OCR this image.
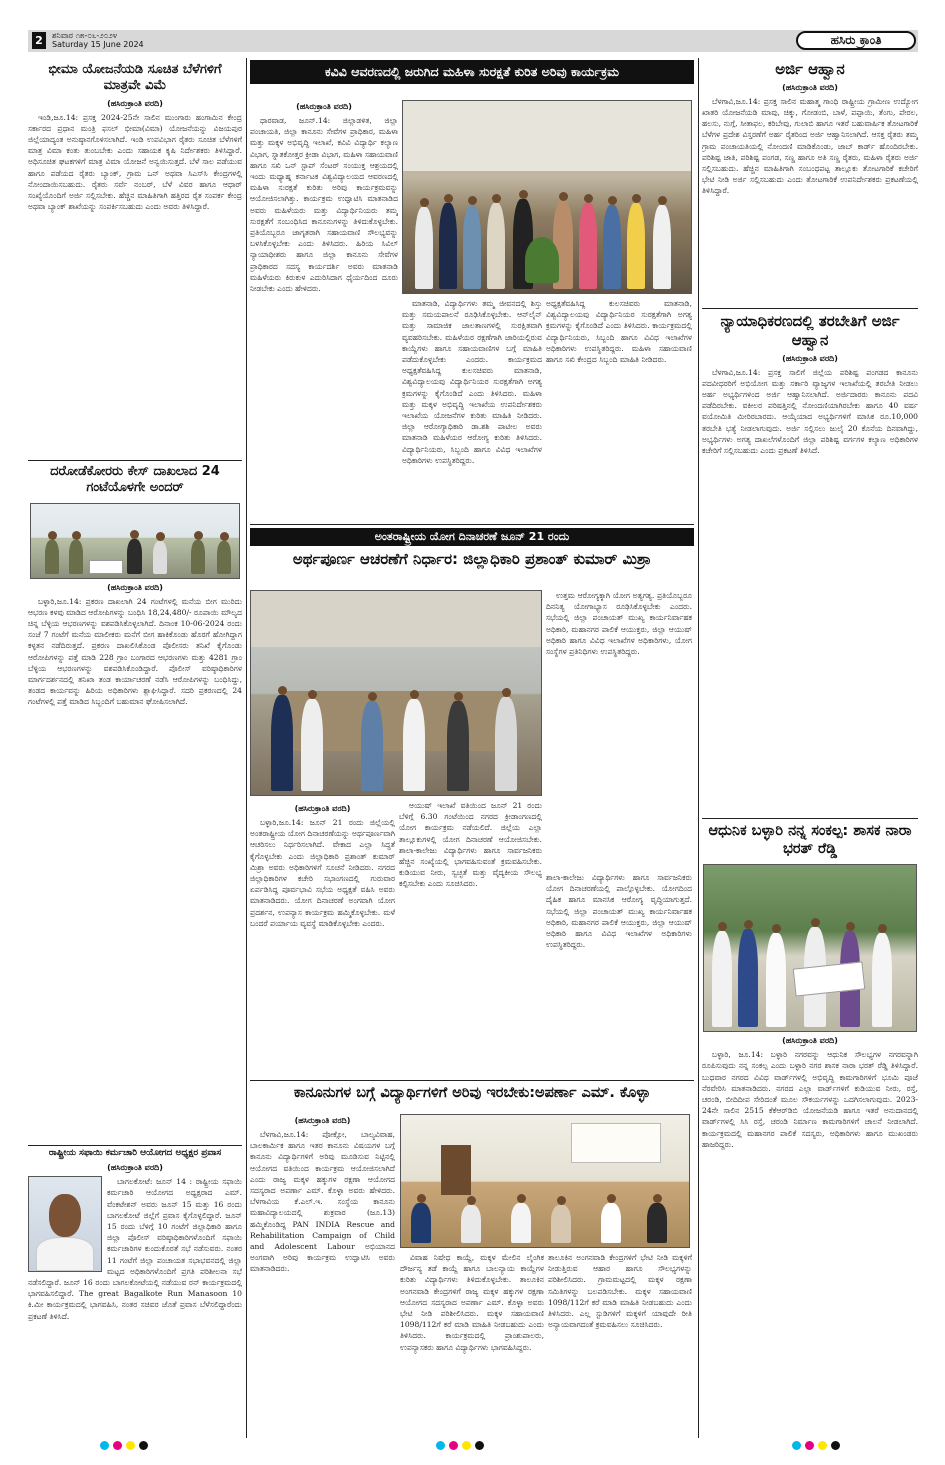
2	ಶನಿವಾರ ೧೫-೦೬-೨೦೨೪
Saturday 15 June 2024	ಹಸಿರು ಕ್ರಾಂತಿ
ಭೀಮಾ ಯೋಜನೆಯಡಿ ಸೂಚಿತ ಬೆಳೆಗಳಿಗೆ ಮಾತ್ರವೇ ವಿಮೆ
(ಹಸಿರುಕ್ರಾಂತಿ ವರದಿ)

ಇಂಡಿ,ಜೂ.14: ಪ್ರಸಕ್ತ 2024-25ನೇ ಸಾಲಿನ ಮುಂಗಾರು ಹಂಗಾಮಿನ ಕೇಂದ್ರ ಸರ್ಕಾರದ ಪ್ರಧಾನ ಮಂತ್ರಿ ಫಸಲ್ ಭೀಮಾ(ವಿಮಾ) ಯೋಜನೆಯನ್ನು ವಿಜಯಪುರ ಜಿಲ್ಲೆಯಾದ್ಯಂತ ಅನುಷ್ಠಾನಗೊಳಿಸಲಾಗಿದೆ. ಇಂಡಿ ಉಪವಿಭಾಗ ರೈತರು ಸೂಚಿತ ಬೆಳೆಗಳಿಗೆ ಮಾತ್ರ ವಿಮಾ ಕಂತು ತುಂಬಬೇಕು ಎಂದು ಸಹಾಯಕ ಕೃಷಿ ನಿರ್ದೇಶಕರು ತಿಳಿಸಿದ್ದಾರೆ. ಅಧಿಸೂಚಿತ ಘಟಕಗಳಿಗೆ ಮಾತ್ರ ವಿಮಾ ಯೋಜನೆ ಅನ್ವಯಿಸುತ್ತದೆ. ಬೆಳೆ ಸಾಲ ಪಡೆಯುವ ಹಾಗೂ ಪಡೆಯದ ರೈತರು ಬ್ಯಾಂಕ್, ಗ್ರಾಮ ಒನ್ ಅಥವಾ ಸಿಎಸ್‌ಸಿ ಕೇಂದ್ರಗಳಲ್ಲಿ ನೋಂದಾಯಿಸಬಹುದು. ರೈತರು ಸರ್ವೆ ನಂಬರ್, ಬೆಳೆ ವಿವರ ಹಾಗೂ ಆಧಾರ್ ಸಂಖ್ಯೆಯೊಂದಿಗೆ ಅರ್ಜಿ ಸಲ್ಲಿಸಬೇಕು. ಹೆಚ್ಚಿನ ಮಾಹಿತಿಗಾಗಿ ಹತ್ತಿರದ ರೈತ ಸಂಪರ್ಕ ಕೇಂದ್ರ ಅಥವಾ ಬ್ಯಾಂಕ್ ಶಾಖೆಯನ್ನು ಸಂಪರ್ಕಿಸಬಹುದು ಎಂದು ಅವರು ತಿಳಿಸಿದ್ದಾರೆ.

ದರೋಡೆಕೋರರು ಕೇಸ್ ದಾಖಲಾದ 24 ಗಂಟೆಯೊಳಗೇ ಅಂದರ್
(ಹಸಿರುಕ್ರಾಂತಿ ವರದಿ)

ಬಳ್ಳಾರಿ,ಜೂ.14: ಪ್ರಕರಣ ದಾಖಲಾಗಿ 24 ಗಂಟೆಗಳಲ್ಲಿ ಮನೆಯ ಬೀಗ ಮುರಿದು ಆಭರಣ ಕಳವು ಮಾಡಿದ ಆರೋಪಿಗಳನ್ನು ಬಂಧಿಸಿ 18,24,480/- ರೂಪಾಯಿ ಮೌಲ್ಯದ ಚಿನ್ನ ಬೆಳ್ಳಿಯ ಆಭರಣಗಳನ್ನು ವಶಪಡಿಸಿಕೊಳ್ಳಲಾಗಿದೆ. ದಿನಾಂಕ 10-06-2024 ರಂದು ಸಂಜೆ 7 ಗಂಟೆಗೆ ಮನೆಯ ಮಾಲೀಕರು ಮನೆಗೆ ಬೀಗ ಹಾಕಿಕೊಂಡು ಹೊರಗೆ ಹೋಗಿದ್ದಾಗ ಕಳ್ಳತನ ನಡೆದಿರುತ್ತದೆ. ಪ್ರಕರಣ ದಾಖಲಿಸಿಕೊಂಡ ಪೊಲೀಸರು ತನಿಖೆ ಕೈಗೊಂಡು ಆರೋಪಿಗಳನ್ನು ಪತ್ತೆ ಮಾಡಿ 228 ಗ್ರಾಂ ಬಂಗಾರದ ಆಭರಣಗಳು ಮತ್ತು 4281 ಗ್ರಾಂ ಬೆಳ್ಳಿಯ ಆಭರಣಗಳನ್ನು ವಶಪಡಿಸಿಕೊಂಡಿದ್ದಾರೆ. ಪೊಲೀಸ್ ವರಿಷ್ಠಾಧಿಕಾರಿಗಳ ಮಾರ್ಗದರ್ಶನದಲ್ಲಿ ತನಿಖಾ ತಂಡ ಕಾರ್ಯಾಚರಣೆ ನಡೆಸಿ ಆರೋಪಿಗಳನ್ನು ಬಂಧಿಸಿದ್ದು, ತಂಡದ ಕಾರ್ಯವನ್ನು ಹಿರಿಯ ಅಧಿಕಾರಿಗಳು ಶ್ಲಾಘಿಸಿದ್ದಾರೆ. ಸದರಿ ಪ್ರಕರಣದಲ್ಲಿ 24 ಗಂಟೆಗಳಲ್ಲಿ ಪತ್ತೆ ಮಾಡಿದ ಸಿಬ್ಬಂದಿಗೆ ಬಹುಮಾನ ಘೋಷಿಸಲಾಗಿದೆ.

ರಾಷ್ಟ್ರೀಯ ಸಫಾಯಿ ಕರ್ಮಚಾರಿ ಆಯೋಗದ ಅಧ್ಯಕ್ಷರ ಪ್ರವಾಸ
(ಹಸಿರುಕ್ರಾಂತಿ ವರದಿ)

ಬಾಗಲಕೋಟೆ: ಜೂನ್ 14 : ರಾಷ್ಟ್ರೀಯ ಸಫಾಯಿ ಕರ್ಮಚಾರಿ ಆಯೋಗದ ಅಧ್ಯಕ್ಷರಾದ ಎಮ್. ವೆಂಕಟೇಶನ್ ಅವರು ಜೂನ್ 15 ಮತ್ತು 16 ರಂದು ಬಾಗಲಕೋಟೆ ಜಿಲ್ಲೆಗೆ ಪ್ರವಾಸ ಕೈಗೊಳ್ಳಲಿದ್ದಾರೆ. ಜೂನ್ 15 ರಂದು ಬೆಳಿಗ್ಗೆ 10 ಗಂಟೆಗೆ ಜಿಲ್ಲಾಧಿಕಾರಿ ಹಾಗೂ ಜಿಲ್ಲಾ ಪೊಲೀಸ್ ವರಿಷ್ಠಾಧಿಕಾರಿಗಳೊಂದಿಗೆ ಸಫಾಯಿ ಕರ್ಮಚಾರಿಗಳ ಕುಂದುಕೊರತೆ ಸಭೆ ನಡೆಸುವರು. ನಂತರ 11 ಗಂಟೆಗೆ ಜಿಲ್ಲಾ ಪಂಚಾಯತ ಸಭಾಭವನದಲ್ಲಿ ಜಿಲ್ಲಾ ಮಟ್ಟದ ಅಧಿಕಾರಿಗಳೊಂದಿಗೆ ಪ್ರಗತಿ ಪರಿಶೀಲನಾ ಸಭೆ ನಡೆಸಲಿದ್ದಾರೆ. ಜೂನ್ 16 ರಂದು ಬಾಗಲಕೋಟೆಯಲ್ಲಿ ನಡೆಯುವ ರನ್ ಕಾರ್ಯಕ್ರಮದಲ್ಲಿ ಭಾಗವಹಿಸಲಿದ್ದಾರೆ. The great Bagalkote Run Manasoon 10 ಕಿ.ಮೀ ಕಾರ್ಯಕ್ರಮದಲ್ಲಿ ಭಾಗವಹಿಸಿ, ನಂತರ ಸಚಿವರ ಜೊತೆ ಪ್ರವಾಸ ಬೆಳೆಸಲಿದ್ದಾರೆಂದು ಪ್ರಕಟಣೆ ತಿಳಿಸಿದೆ.

ಕವಿವಿ ಆವರಣದಲ್ಲಿ ಜರುಗಿದ ಮಹಿಳಾ ಸುರಕ್ಷತೆ ಕುರಿತ ಅರಿವು ಕಾರ್ಯಕ್ರಮ
(ಹಸಿರುಕ್ರಾಂತಿ ವರದಿ)

ಧಾರವಾಡ, ಜೂನ್.14: ಜಿಲ್ಲಾಡಳಿತ, ಜಿಲ್ಲಾ ಪಂಚಾಯತಿ, ಜಿಲ್ಲಾ ಕಾನೂನು ಸೇವೆಗಳ ಪ್ರಾಧಿಕಾರ, ಮಹಿಳಾ ಮತ್ತು ಮಕ್ಕಳ ಅಭಿವೃದ್ಧಿ ಇಲಾಖೆ, ಕವಿವಿ ವಿದ್ಯಾರ್ಥಿ ಕಲ್ಯಾಣ ವಿಭಾಗ, ಸ್ನಾತಕೋತ್ತರ ಕ್ರೀಡಾ ವಿಭಾಗ, ಮಹಿಳಾ ಸಹಾಯವಾಣಿ ಹಾಗೂ ಸಖಿ ಒನ್ ಸ್ಟಾಪ್ ಸೆಂಟರ್ ಸಂಯುಕ್ತ ಆಶ್ರಯದಲ್ಲಿ ಇಂದು ಮಧ್ಯಾಹ್ನ ಕರ್ನಾಟಕ ವಿಶ್ವವಿದ್ಯಾಲಯದ ಆವರಣದಲ್ಲಿ ಮಹಿಳಾ ಸುರಕ್ಷತೆ ಕುರಿತು ಅರಿವು ಕಾರ್ಯಕ್ರಮವನ್ನು ಆಯೋಜಿಸಲಾಗಿತ್ತು. ಕಾರ್ಯಕ್ರಮ ಉದ್ಘಾಟಿಸಿ ಮಾತನಾಡಿದ ಅವರು ಮಹಿಳೆಯರು ಮತ್ತು ವಿದ್ಯಾರ್ಥಿನಿಯರು ತಮ್ಮ ಸುರಕ್ಷತೆಗೆ ಸಂಬಂಧಿಸಿದ ಕಾನೂನುಗಳನ್ನು ತಿಳಿದುಕೊಳ್ಳಬೇಕು. ಪ್ರತಿಯೊಬ್ಬರೂ ಜಾಗೃತರಾಗಿ ಸಹಾಯವಾಣಿ ಸೌಲಭ್ಯವನ್ನು ಬಳಸಿಕೊಳ್ಳಬೇಕು ಎಂದು ತಿಳಿಸಿದರು. ಹಿರಿಯ ಸಿವಿಲ್ ನ್ಯಾಯಾಧೀಶರು ಹಾಗೂ ಜಿಲ್ಲಾ ಕಾನೂನು ಸೇವೆಗಳ ಪ್ರಾಧಿಕಾರದ ಸದಸ್ಯ ಕಾರ್ಯದರ್ಶಿ ಅವರು ಮಾತನಾಡಿ ಮಹಿಳೆಯರು ಕಿರುಕುಳ ಎದುರಿಸಿದಾಗ ಧೈರ್ಯದಿಂದ ದೂರು ನೀಡಬೇಕು ಎಂದು ಹೇಳಿದರು.

ಮಾತನಾಡಿ, ವಿದ್ಯಾರ್ಥಿಗಳು ತಮ್ಮ ಜೀವನದಲ್ಲಿ ಶಿಸ್ತು ಮತ್ತು ಸಮಯಪಾಲನೆ ರೂಢಿಸಿಕೊಳ್ಳಬೇಕು. ಆನ್‌ಲೈನ್ ಮತ್ತು ಸಾಮಾಜಿಕ ಜಾಲತಾಣಗಳಲ್ಲಿ ಸುರಕ್ಷಿತವಾಗಿ ವ್ಯವಹರಿಸಬೇಕು. ಮಹಿಳೆಯರ ರಕ್ಷಣೆಗಾಗಿ ಜಾರಿಯಲ್ಲಿರುವ ಕಾಯ್ದೆಗಳು ಹಾಗೂ ಸಹಾಯವಾಣಿಗಳ ಬಗ್ಗೆ ಮಾಹಿತಿ ಪಡೆದುಕೊಳ್ಳಬೇಕು ಎಂದರು. ಕಾರ್ಯಕ್ರಮದ ಅಧ್ಯಕ್ಷತೆವಹಿಸಿದ್ದ ಕುಲಸಚಿವರು ಮಾತನಾಡಿ, ವಿಶ್ವವಿದ್ಯಾಲಯವು ವಿದ್ಯಾರ್ಥಿನಿಯರ ಸುರಕ್ಷತೆಗಾಗಿ ಅಗತ್ಯ ಕ್ರಮಗಳನ್ನು ಕೈಗೊಂಡಿದೆ ಎಂದು ತಿಳಿಸಿದರು. ಮಹಿಳಾ ಮತ್ತು ಮಕ್ಕಳ ಅಭಿವೃದ್ಧಿ ಇಲಾಖೆಯ ಉಪನಿರ್ದೇಶಕರು ಇಲಾಖೆಯ ಯೋಜನೆಗಳ ಕುರಿತು ಮಾಹಿತಿ ನೀಡಿದರು. ಜಿಲ್ಲಾ ಆರೋಗ್ಯಾಧಿಕಾರಿ ಡಾ.ಶಶಿ ಪಾಟೀಲ ಅವರು ಮಾತನಾಡಿ ಮಹಿಳೆಯರ ಆರೋಗ್ಯ ಕುರಿತು ತಿಳಿಸಿದರು. ವಿದ್ಯಾರ್ಥಿನಿಯರು, ಸಿಬ್ಬಂದಿ ಹಾಗೂ ವಿವಿಧ ಇಲಾಖೆಗಳ ಅಧಿಕಾರಿಗಳು ಉಪಸ್ಥಿತರಿದ್ದರು.

ಅಧ್ಯಕ್ಷತೆವಹಿಸಿದ್ದ ಕುಲಸಚಿವರು ಮಾತನಾಡಿ, ವಿಶ್ವವಿದ್ಯಾಲಯವು ವಿದ್ಯಾರ್ಥಿನಿಯರ ಸುರಕ್ಷತೆಗಾಗಿ ಅಗತ್ಯ ಕ್ರಮಗಳನ್ನು ಕೈಗೊಂಡಿದೆ ಎಂದು ತಿಳಿಸಿದರು. ಕಾರ್ಯಕ್ರಮದಲ್ಲಿ ವಿದ್ಯಾರ್ಥಿನಿಯರು, ಸಿಬ್ಬಂದಿ ಹಾಗೂ ವಿವಿಧ ಇಲಾಖೆಗಳ ಅಧಿಕಾರಿಗಳು ಉಪಸ್ಥಿತರಿದ್ದರು. ಮಹಿಳಾ ಸಹಾಯವಾಣಿ ಹಾಗೂ ಸಖಿ ಕೇಂದ್ರದ ಸಿಬ್ಬಂದಿ ಮಾಹಿತಿ ನೀಡಿದರು.
ಅಂತರಾಷ್ಟ್ರೀಯ ಯೋಗ ದಿನಾಚರಣೆ ಜೂನ್ 21 ರಂದು
ಅರ್ಥಪೂರ್ಣ ಆಚರಣೆಗೆ ನಿರ್ಧಾರ: ಜಿಲ್ಲಾಧಿಕಾರಿ ಪ್ರಶಾಂತ್ ಕುಮಾರ್ ಮಿಶ್ರಾ

ಉತ್ತಮ ಆರೋಗ್ಯಕ್ಕಾಗಿ ಯೋಗ ಅತ್ಯಗತ್ಯ. ಪ್ರತಿಯೊಬ್ಬರೂ ದಿನನಿತ್ಯ ಯೋಗಾಭ್ಯಾಸ ರೂಢಿಸಿಕೊಳ್ಳಬೇಕು ಎಂದರು. ಸಭೆಯಲ್ಲಿ ಜಿಲ್ಲಾ ಪಂಚಾಯತ್ ಮುಖ್ಯ ಕಾರ್ಯನಿರ್ವಾಹಕ ಅಧಿಕಾರಿ, ಮಹಾನಗರ ಪಾಲಿಕೆ ಆಯುಕ್ತರು, ಜಿಲ್ಲಾ ಆಯುಷ್ ಅಧಿಕಾರಿ ಹಾಗೂ ವಿವಿಧ ಇಲಾಖೆಗಳ ಅಧಿಕಾರಿಗಳು, ಯೋಗ ಸಂಸ್ಥೆಗಳ ಪ್ರತಿನಿಧಿಗಳು ಉಪಸ್ಥಿತರಿದ್ದರು.

(ಹಸಿರುಕ್ರಾಂತಿ ವರದಿ)

ಬಳ್ಳಾರಿ,ಜೂ.14: ಜೂನ್ 21 ರಂದು ಜಿಲ್ಲೆಯಲ್ಲಿ ಅಂತರಾಷ್ಟ್ರೀಯ ಯೋಗ ದಿನಾಚರಣೆಯನ್ನು ಅರ್ಥಪೂರ್ಣವಾಗಿ ಆಚರಿಸಲು ನಿರ್ಧರಿಸಲಾಗಿದೆ. ವೇಕಾದ ಎಲ್ಲಾ ಸಿದ್ಧತೆ ಕೈಗೊಳ್ಳಬೇಕು ಎಂದು ಜಿಲ್ಲಾಧಿಕಾರಿ ಪ್ರಶಾಂತ್ ಕುಮಾರ್ ಮಿಶ್ರಾ ಅವರು ಅಧಿಕಾರಿಗಳಿಗೆ ಸೂಚನೆ ನೀಡಿದರು. ನಗರದ ಜಿಲ್ಲಾಧಿಕಾರಿಗಳ ಕಚೇರಿ ಸಭಾಂಗಣದಲ್ಲಿ ಗುರುವಾರ ಏರ್ಪಡಿಸಿದ್ದ ಪೂರ್ವಭಾವಿ ಸಭೆಯ ಅಧ್ಯಕ್ಷತೆ ವಹಿಸಿ ಅವರು ಮಾತನಾಡಿದರು. ಯೋಗ ದಿನಾಚರಣೆ ಅಂಗವಾಗಿ ಯೋಗ ಪ್ರದರ್ಶನ, ಉಪನ್ಯಾಸ ಕಾರ್ಯಕ್ರಮ ಹಮ್ಮಿಕೊಳ್ಳಬೇಕು. ಮಳೆ ಬಂದರೆ ಪರ್ಯಾಯ ವ್ಯವಸ್ಥೆ ಮಾಡಿಕೊಳ್ಳಬೇಕು ಎಂದರು.

ಆಯುಷ್ ಇಲಾಖೆ ವತಿಯಿಂದ ಜೂನ್ 21 ರಂದು ಬೆಳಿಗ್ಗೆ 6.30 ಗಂಟೆಯಿಂದ ನಗರದ ಕ್ರೀಡಾಂಗಣದಲ್ಲಿ ಯೋಗ ಕಾರ್ಯಕ್ರಮ ನಡೆಯಲಿದೆ. ಜಿಲ್ಲೆಯ ಎಲ್ಲಾ ತಾಲ್ಲೂಕುಗಳಲ್ಲಿ ಯೋಗ ದಿನಾಚರಣೆ ಆಯೋಜಿಸಬೇಕು. ಶಾಲಾ-ಕಾಲೇಜು ವಿದ್ಯಾರ್ಥಿಗಳು ಹಾಗೂ ಸಾರ್ವಜನಿಕರು ಹೆಚ್ಚಿನ ಸಂಖ್ಯೆಯಲ್ಲಿ ಭಾಗವಹಿಸುವಂತೆ ಕ್ರಮವಹಿಸಬೇಕು. ಕುಡಿಯುವ ನೀರು, ಸ್ವಚ್ಛತೆ ಮತ್ತು ವೈದ್ಯಕೀಯ ಸೌಲಭ್ಯ ಕಲ್ಪಿಸಬೇಕು ಎಂದು ಸೂಚಿಸಿದರು.

ಶಾಲಾ-ಕಾಲೇಜು ವಿದ್ಯಾರ್ಥಿಗಳು ಹಾಗೂ ಸಾರ್ವಜನಿಕರು ಯೋಗ ದಿನಾಚರಣೆಯಲ್ಲಿ ಪಾಲ್ಗೊಳ್ಳಬೇಕು. ಯೋಗದಿಂದ ದೈಹಿಕ ಹಾಗೂ ಮಾನಸಿಕ ಆರೋಗ್ಯ ವೃದ್ಧಿಯಾಗುತ್ತದೆ. ಸಭೆಯಲ್ಲಿ ಜಿಲ್ಲಾ ಪಂಚಾಯತ್ ಮುಖ್ಯ ಕಾರ್ಯನಿರ್ವಾಹಕ ಅಧಿಕಾರಿ, ಮಹಾನಗರ ಪಾಲಿಕೆ ಆಯುಕ್ತರು, ಜಿಲ್ಲಾ ಆಯುಷ್ ಅಧಿಕಾರಿ ಹಾಗೂ ವಿವಿಧ ಇಲಾಖೆಗಳ ಅಧಿಕಾರಿಗಳು ಉಪಸ್ಥಿತರಿದ್ದರು.
ಕಾನೂನುಗಳ ಬಗ್ಗೆ ವಿದ್ಯಾರ್ಥಿಗಳಿಗೆ ಅರಿವು ಇರಬೇಕು:ಅಪರ್ಣಾ ಎಮ್. ಕೊಳ್ಳಾ
(ಹಸಿರುಕ್ರಾಂತಿ ವರದಿ)

ಬೆಳಗಾವಿ,ಜೂ.14: ಪೋಕ್ಸೋ, ಬಾಲ್ಯವಿವಾಹ, ಬಾಲಕಾರ್ಮಿಕ ಹಾಗೂ ಇತರ ಕಾನೂನು ವಿಷಯಗಳ ಬಗ್ಗೆ ಕಾನೂನು ವಿದ್ಯಾರ್ಥಿಗಳಿಗೆ ಅರಿವು ಮೂಡಿಸುವ ನಿಟ್ಟಿನಲ್ಲಿ ಆಯೋಗದ ವತಿಯಿಂದ ಕಾರ್ಯಕ್ರಮ ಆಯೋಜಿಸಲಾಗಿದೆ ಎಂದು ರಾಜ್ಯ ಮಕ್ಕಳ ಹಕ್ಕುಗಳ ರಕ್ಷಣಾ ಆಯೋಗದ ಸದಸ್ಯರಾದ ಅಪರ್ಣಾ ಎಮ್. ಕೊಳ್ಳಾ ಅವರು ಹೇಳಿದರು. ಬೆಳಗಾವಿಯ ಕೆ.ಎಲ್.ಇ. ಸಂಸ್ಥೆಯ ಕಾನೂನು ಮಹಾವಿದ್ಯಾಲಯದಲ್ಲಿ ಶುಕ್ರವಾರ (ಜೂ.13) ಹಮ್ಮಿಕೊಂಡಿದ್ದ PAN INDIA Rescue and Rehabilitation Campaign of Child and Adolescent Labour ಅಭಿಯಾನದ ಅಂಗವಾಗಿ ಅರಿವು ಕಾರ್ಯಕ್ರಮ ಉದ್ಘಾಟಿಸಿ ಅವರು ಮಾತನಾಡಿದರು.

ವಿವಾಹ ನಿಷೇಧ ಕಾಯ್ದೆ, ಮಕ್ಕಳ ಮೇಲಿನ ಲೈಂಗಿಕ ದೌರ್ಜನ್ಯ ತಡೆ ಕಾಯ್ದೆ ಹಾಗೂ ಬಾಲನ್ಯಾಯ ಕಾಯ್ದೆಗಳ ಕುರಿತು ವಿದ್ಯಾರ್ಥಿಗಳು ತಿಳಿದುಕೊಳ್ಳಬೇಕು. ತಾಲೂಕಿನ ಅಂಗನವಾಡಿ ಕೇಂದ್ರಗಳಿಗೆ ರಾಜ್ಯ ಮಕ್ಕಳ ಹಕ್ಕುಗಳ ರಕ್ಷಣಾ ಆಯೋಗದ ಸದಸ್ಯರಾದ ಅಪರ್ಣಾ ಎಮ್. ಕೊಳ್ಳಾ ಅವರು ಭೇಟಿ ನೀಡಿ ಪರಿಶೀಲಿಸಿದರು. ಮಕ್ಕಳ ಸಹಾಯವಾಣಿ 1098/112ಗೆ ಕರೆ ಮಾಡಿ ಮಾಹಿತಿ ನೀಡಬಹುದು ಎಂದು ತಿಳಿಸಿದರು. ಕಾರ್ಯಕ್ರಮದಲ್ಲಿ ಪ್ರಾಂಶುಪಾಲರು, ಉಪನ್ಯಾಸಕರು ಹಾಗೂ ವಿದ್ಯಾರ್ಥಿಗಳು ಭಾಗವಹಿಸಿದ್ದರು.

ತಾಲೂಕಿನ ಅಂಗನವಾಡಿ ಕೇಂದ್ರಗಳಿಗೆ ಭೇಟಿ ನೀಡಿ ಮಕ್ಕಳಿಗೆ ನೀಡುತ್ತಿರುವ ಆಹಾರ ಹಾಗೂ ಸೌಲಭ್ಯಗಳನ್ನು ಪರಿಶೀಲಿಸಿದರು. ಗ್ರಾಮಮಟ್ಟದಲ್ಲಿ ಮಕ್ಕಳ ರಕ್ಷಣಾ ಸಮಿತಿಗಳನ್ನು ಬಲಪಡಿಸಬೇಕು. ಮಕ್ಕಳ ಸಹಾಯವಾಣಿ 1098/112ಗೆ ಕರೆ ಮಾಡಿ ಮಾಹಿತಿ ನೀಡಬಹುದು ಎಂದು ತಿಳಿಸಿದರು. ಎಲ್ಲ ಸ್ಟುಡಿಗಳಿಗೆ ಮಕ್ಕಳಿಗೆ ಯಾವುದೇ ರೀತಿ ಅನ್ಯಾಯವಾಗದಂತೆ ಕ್ರಮವಹಿಸಲು ಸೂಚಿಸಿದರು.
ಅರ್ಜಿ ಆಹ್ವಾನ
(ಹಸಿರುಕ್ರಾಂತಿ ವರದಿ)

ಬೆಳಗಾವಿ,ಜೂ.14: ಪ್ರಸಕ್ತ ಸಾಲಿನ ಮಹಾತ್ಮ ಗಾಂಧಿ ರಾಷ್ಟ್ರೀಯ ಗ್ರಾಮೀಣ ಉದ್ಯೋಗ ಖಾತರಿ ಯೋಜನೆಯಡಿ ಮಾವು, ಚಿಕ್ಕು, ಗೋಡಂಬಿ, ಬಾಳೆ, ಪಪ್ಪಾಯಿ, ತೆಂಗು, ಪೇರಲ, ಹಲಸು, ನುಗ್ಗೆ, ಸೀತಾಫಲ, ಕರಿಬೇವು, ಗುಲಾಬಿ ಹಾಗೂ ಇತರೆ ಬಹುವಾರ್ಷಿಕ ತೋಟಗಾರಿಕೆ ಬೆಳೆಗಳ ಪ್ರದೇಶ ವಿಸ್ತರಣೆಗೆ ಅರ್ಹ ರೈತರಿಂದ ಅರ್ಜಿ ಆಹ್ವಾನಿಸಲಾಗಿದೆ. ಆಸಕ್ತ ರೈತರು ತಮ್ಮ ಗ್ರಾಮ ಪಂಚಾಯತಿಯಲ್ಲಿ ನೋಂದಣಿ ಮಾಡಿಕೊಂಡು, ಜಾಬ್ ಕಾರ್ಡ್ ಹೊಂದಿರಬೇಕು. ಪರಿಶಿಷ್ಟ ಜಾತಿ, ಪರಿಶಿಷ್ಟ ಪಂಗಡ, ಸಣ್ಣ ಹಾಗೂ ಅತಿ ಸಣ್ಣ ರೈತರು, ಮಹಿಳಾ ರೈತರು ಅರ್ಜಿ ಸಲ್ಲಿಸಬಹುದು. ಹೆಚ್ಚಿನ ಮಾಹಿತಿಗಾಗಿ ಸಂಬಂಧಪಟ್ಟ ತಾಲ್ಲೂಕು ತೋಟಗಾರಿಕೆ ಕಚೇರಿಗೆ ಭೇಟಿ ನೀಡಿ ಅರ್ಜಿ ಸಲ್ಲಿಸಬಹುದು ಎಂದು ತೋಟಗಾರಿಕೆ ಉಪನಿರ್ದೇಶಕರು ಪ್ರಕಟಣೆಯಲ್ಲಿ ತಿಳಿಸಿದ್ದಾರೆ.

ನ್ಯಾಯಾಧಿಕರಣದಲ್ಲಿ ತರಬೇತಿಗೆ ಅರ್ಜಿ ಆಹ್ವಾನ
(ಹಸಿರುಕ್ರಾಂತಿ ವರದಿ)

ಬೆಳಗಾವಿ,ಜೂ.14: ಪ್ರಸಕ್ತ ಸಾಲಿಗೆ ಜಿಲ್ಲೆಯ ಪರಿಶಿಷ್ಟ ಪಂಗಡದ ಕಾನೂನು ಪದವೀಧರರಿಗೆ ಅಭಿಯೋಗ ಮತ್ತು ಸರ್ಕಾರಿ ವ್ಯಾಜ್ಯಗಳ ಇಲಾಖೆಯಲ್ಲಿ ತರಬೇತಿ ನೀಡಲು ಅರ್ಹ ಅಭ್ಯರ್ಥಿಗಳಿಂದ ಅರ್ಜಿ ಆಹ್ವಾನಿಸಲಾಗಿದೆ. ಅರ್ಜಿದಾರರು ಕಾನೂನು ಪದವಿ ಪಡೆದಿರಬೇಕು. ವಕೀಲರ ಪರಿಷತ್ತಿನಲ್ಲಿ ನೋಂದಣಿಯಾಗಿರಬೇಕು ಹಾಗೂ 40 ವರ್ಷ ವಯೋಮಿತಿ ಮೀರಿರಬಾರದು. ಆಯ್ಕೆಯಾದ ಅಭ್ಯರ್ಥಿಗಳಿಗೆ ಮಾಸಿಕ ರೂ.10,000 ತರಬೇತಿ ಭತ್ಯೆ ನೀಡಲಾಗುವುದು. ಅರ್ಜಿ ಸಲ್ಲಿಸಲು ಜುಲೈ 20 ಕೊನೆಯ ದಿನವಾಗಿದ್ದು, ಅಭ್ಯರ್ಥಿಗಳು ಅಗತ್ಯ ದಾಖಲೆಗಳೊಂದಿಗೆ ಜಿಲ್ಲಾ ಪರಿಶಿಷ್ಟ ವರ್ಗಗಳ ಕಲ್ಯಾಣ ಅಧಿಕಾರಿಗಳ ಕಚೇರಿಗೆ ಸಲ್ಲಿಸಬಹುದು ಎಂದು ಪ್ರಕಟಣೆ ತಿಳಿಸಿದೆ.

ಆಧುನಿಕ ಬಳ್ಳಾರಿ ನನ್ನ ಸಂಕಲ್ಪ: ಶಾಸಕ ನಾರಾ ಭರತ್ ರೆಡ್ಡಿ
(ಹಸಿರುಕ್ರಾಂತಿ ವರದಿ)

ಬಳ್ಳಾರಿ, ಜೂ.14: ಬಳ್ಳಾರಿ ನಗರವನ್ನು ಆಧುನಿಕ ಸೌಲಭ್ಯಗಳ ನಗರವನ್ನಾಗಿ ರೂಪಿಸುವುದು ನನ್ನ ಸಂಕಲ್ಪ ಎಂದು ಬಳ್ಳಾರಿ ನಗರ ಶಾಸಕ ನಾರಾ ಭರತ್ ರೆಡ್ಡಿ ತಿಳಿಸಿದ್ದಾರೆ. ಬುಧವಾರ ನಗರದ ವಿವಿಧ ವಾರ್ಡ್‌ಗಳಲ್ಲಿ ಅಭಿವೃದ್ಧಿ ಕಾಮಗಾರಿಗಳಿಗೆ ಭೂಮಿ ಪೂಜೆ ನೆರವೇರಿಸಿ ಮಾತನಾಡಿದರು. ನಗರದ ಎಲ್ಲಾ ವಾರ್ಡ್‌ಗಳಿಗೆ ಕುಡಿಯುವ ನೀರು, ರಸ್ತೆ, ಚರಂಡಿ, ಬೀದಿದೀಪ ಸೇರಿದಂತೆ ಮೂಲ ಸೌಕರ್ಯಗಳನ್ನು ಒದಗಿಸಲಾಗುವುದು. 2023-24ನೇ ಸಾಲಿನ 2515 ಕೆಕೆಆರ್‌ಡಿಬಿ ಯೋಜನೆಯಡಿ ಹಾಗೂ ಇತರೆ ಅನುದಾನದಲ್ಲಿ ವಾರ್ಡ್‌ಗಳಲ್ಲಿ ಸಿಸಿ ರಸ್ತೆ, ಚರಂಡಿ ನಿರ್ಮಾಣ ಕಾಮಗಾರಿಗಳಿಗೆ ಚಾಲನೆ ನೀಡಲಾಗಿದೆ. ಕಾರ್ಯಕ್ರಮದಲ್ಲಿ ಮಹಾನಗರ ಪಾಲಿಕೆ ಸದಸ್ಯರು, ಅಧಿಕಾರಿಗಳು ಹಾಗೂ ಮುಖಂಡರು ಹಾಜರಿದ್ದರು.
